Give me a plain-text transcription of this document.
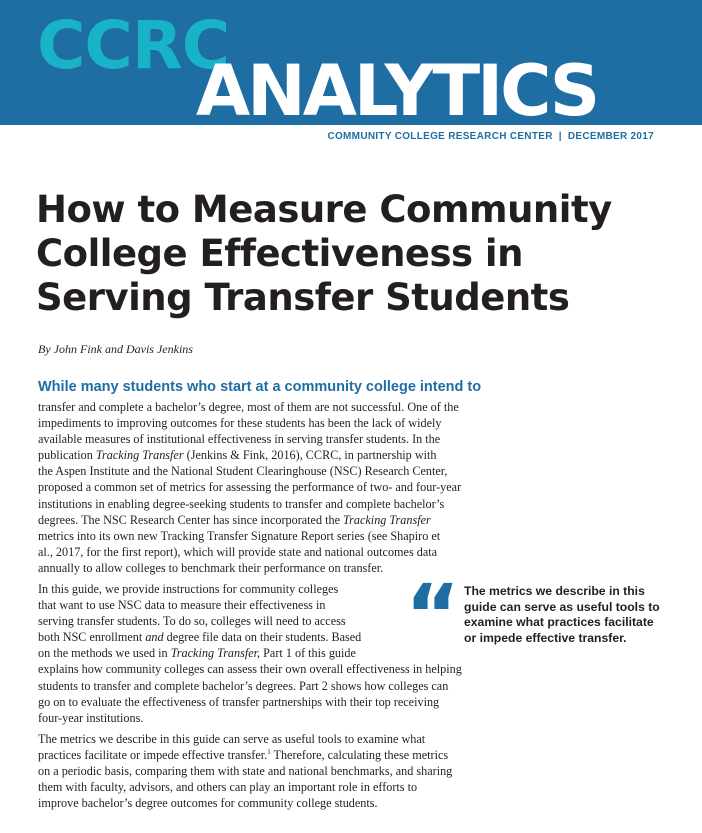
CCRC
ANALYTICS
COMMUNITY COLLEGE RESEARCH CENTER | DECEMBER 2017
How to Measure Community College Effectiveness in Serving Transfer Students

By John Fink and Davis Jenkins

While many students who start at a community college intend to

transfer and complete a bachelor’s degree, most of them are not successful. One of the
impediments to improving outcomes for these students has been the lack of widely
available measures of institutional effectiveness in serving transfer students. In the
publication Tracking Transfer (Jenkins & Fink, 2016), CCRC, in partnership with
the Aspen Institute and the National Student Clearinghouse (NSC) Research Center,
proposed a common set of metrics for assessing the performance of two- and four-year
institutions in enabling degree-seeking students to transfer and complete bachelor’s
degrees. The NSC Research Center has since incorporated the Tracking Transfer
metrics into its own new Tracking Transfer Signature Report series (see Shapiro et
al., 2017, for the first report), which will provide state and national outcomes data
annually to allow colleges to benchmark their performance on transfer.

In this guide, we provide instructions for community colleges
that want to use NSC data to measure their effectiveness in
serving transfer students. To do so, colleges will need to access
both NSC enrollment and degree file data on their students. Based
on the methods we used in Tracking Transfer, Part 1 of this guide
explains how community colleges can assess their own overall effectiveness in helping
students to transfer and complete bachelor’s degrees. Part 2 shows how colleges can
go on to evaluate the effectiveness of transfer partnerships with their top receiving
four-year institutions.

The metrics we describe in this guide can serve as useful tools to examine what
practices facilitate or impede effective transfer.$^1$ Therefore, calculating these metrics
on a periodic basis, comparing them with state and national benchmarks, and sharing
them with faculty, advisors, and others can play an important role in efforts to
improve bachelor’s degree outcomes for community college students.

“ The metrics we describe in this
guide can serve as useful tools to
examine what practices facilitate
or impede effective transfer.
